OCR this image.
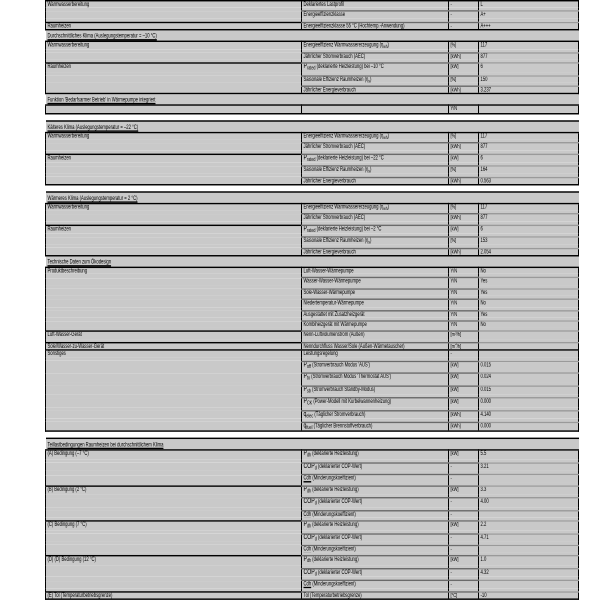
Warmwasserbereitung	Deklariertes Lastprofil	-	L

	Energieeffizienzklasse	-	A+

Raumheizen	Energieeffizienzklasse 55 °C (Hochtemp.-Anwendung)	-	A+++
Durchschnittliches Klima (Auslegungstemperatur = –10 °C)			
Warmwasserbereitung	Energieeffizienz Warmwassererzeugung $(\eta_{wh})$	[%]	117

	Jährlicher Stromverbrauch (AEC)	[kWh]	877

Raumheizen	$P_{rated}$ (deklarierte Heizleistung) bei –10 °C	[kW]	6

	Saisonale Effizienz Raumheizen $(\eta_s)$	[%]	150

	Jährlicher Energieverbrauch	[kWh]	3.237
Funktion 'Bedarfsarmer Betrieb' in Wärmepumpe integriert			
		Y/N	

Kälteres Klima (Auslegungstemperatur = –22 °C)			
Warmwasserbereitung	Energieeffizienz Warmwassererzeugung $(\eta_{wh})$	[%]	117

	Jährlicher Stromverbrauch (AEC)	[kWh]	877

Raumheizen	$P_{rated}$ (deklarierte Heizleistung) bei –22 °C	[kW]	6

	Saisonale Effizienz Raumheizen $(\eta_s)$	[%]	164

	Jährlicher Energieverbrauch	[kWh]	0.563

Wärmeres Klima (Auslegungstemperatur = 2 °C)			
Warmwasserbereitung	Energieeffizienz Warmwassererzeugung $(\eta_{wh})$	[%]	117

	Jährlicher Stromverbrauch (AEC)	[kWh]	877

Raumheizen	$P_{rated}$ (deklarierte Heizleistung) bei –2 °C	[kW]	6

	Saisonale Effizienz Raumheizen $(\eta_s)$	[%]	153

	Jährlicher Energieverbrauch	[kWh]	2.054
Technische Daten zum Ökodesign			
Produktbeschreibung	Luft-Wasser-Wärmepumpe	Y/N	No

	Wasser-Wasser-Wärmepumpe	Y/N	Yes

	Sole-Wasser-Wärmepumpe	Y/N	Yes

	Niedertemperatur-Wärmepumpe	Y/N	No

	Ausgestattet mit Zusatzheizgerät	Y/N	Yes

	Kombiheizgerät mit Wärmepumpe	Y/N	No

Luft-Wasser-Gerät	Nenn-Luftvolumenstrom (Außen)	$[m^3/h]$	

Sole/Wasser-zu-Wasser-Gerät	Nenndurchfluss Wasser/Sole (Außen-Wärmetauscher)	$[m^3/h]$	
Sonstiges	Leistungsregelung	-	

	$P_{off}$ (Stromverbrauch Modus 'AUS')	[kW]	0.015

	$P_{to}$ (Stromverbrauch Modus 'Thermostat AUS')	[kW]	0.024

	$P_{sb}$ (Stromverbrauch Standby-Modus)	[kW]	0.015

	$P_{CK}$ (Power-Modell mit Kurbelwannenheizung)	[kW]	0.000

	$q_{elec}$ (Täglicher Stromverbrauch)	[kWh]	4.140

	$q_{fuel}$ (Täglicher Brennstoffverbrauch)	[kWh]	0.000

Teillastbedingungen Raumheizen bei durchschnittlichem Klima			
(A) Bedingung (–7 °C)	$P_{dh}$ (deklarierte Heizleistung)	[kW]	5.5

	$COP_d$ (deklarierter COP-Wert)	-	3.21

	Cdh (Minderungskoeffizient)	-	

(B) Bedingung (2 °C)	$P_{dh}$ (deklarierte Heizleistung)	[kW]	3.3

	$COP_d$ (deklarierter COP-Wert)	-	4.00

	Cdh (Minderungskoeffizient)	-	

(C) Bedingung (7 °C)	$P_{dh}$ (deklarierte Heizleistung)	[kW]	2.2

	$COP_d$ (deklarierter COP-Wert)	-	4.71

	Cdh (Minderungskoeffizient)	-	

(D) (D) Bedingung (12 °C)	$P_{dh}$ (deklarierte Heizleistung)	[kW]	1.0

	$COP_d$ (deklarierter COP-Wert)	-	4.32

	Cdh (Minderungskoeffizient)	-	

(E) Tol (Temperaturbetriebsgrenze)	Tol (Temperaturbetriebsgrenze)	[°C]	-10
